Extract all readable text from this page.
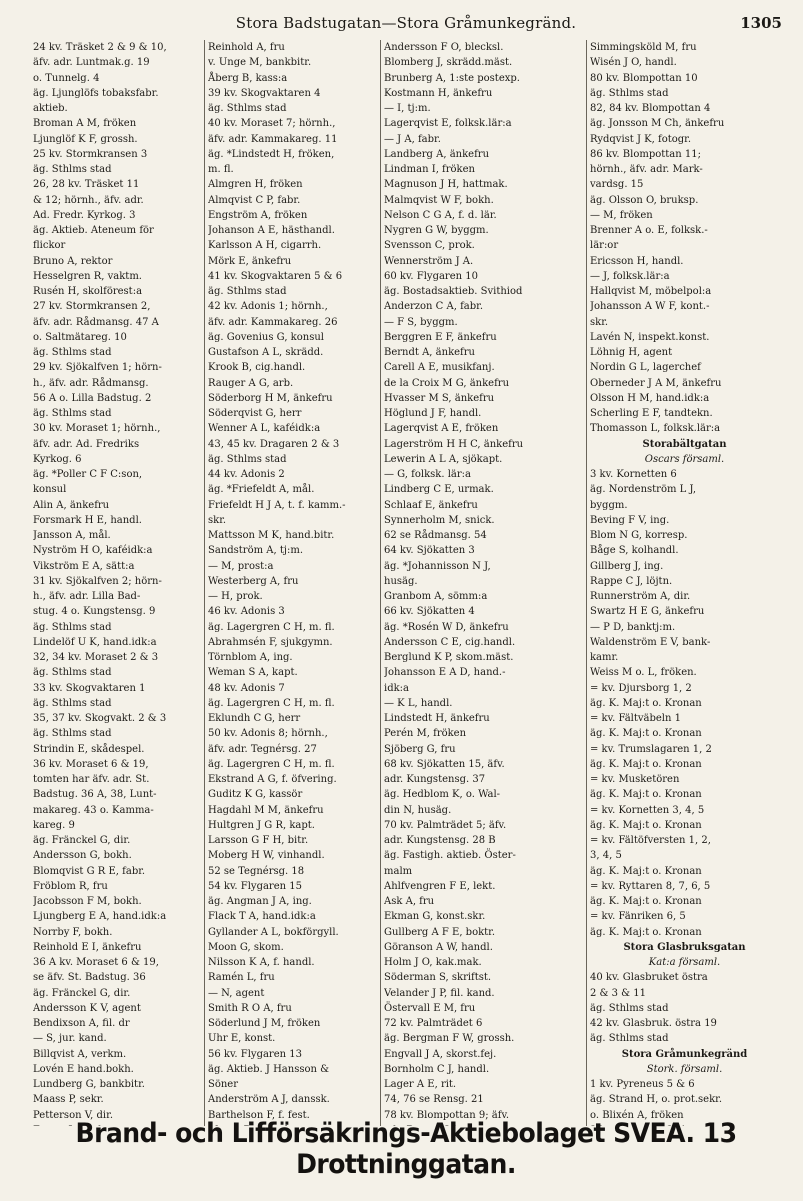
Stora Badstugatan—Stora Gråmunkegränd.	1305
24 kv. Träsket 2 & 9 & 10,
äfv. adr. Luntmak.g. 19
o. Tunnelg. 4
äg. Ljunglöfs tobaksfabr.
aktieb.
Broman A M, fröken
Ljunglöf K F, grossh.
25 kv. Stormkransen 3
äg. Sthlms stad
26, 28 kv. Träsket 11
& 12; hörnh., äfv. adr.
Ad. Fredr. Kyrkog. 3
äg. Aktieb. Ateneum för
flickor
Bruno A, rektor
Hesselgren R, vaktm.
Rusén H, skolförest:a
27 kv. Stormkransen 2,
äfv. adr. Rådmansg. 47 A
o. Saltmätareg. 10
äg. Sthlms stad
29 kv. Sjökalfven 1; hörn-
h., äfv. adr. Rådmansg.
56 A o. Lilla Badstug. 2
äg. Sthlms stad
30 kv. Moraset 1; hörnh.,
äfv. adr. Ad. Fredriks
Kyrkog. 6
äg. *Poller C F C:son,
konsul
Alin A, änkefru
Forsmark H E, handl.
Jansson A, mål.
Nyström H O, kaféidk:a
Vikström E A, sätt:a
31 kv. Sjökalfven 2; hörn-
h., äfv. adr. Lilla Bad-
stug. 4 o. Kungstensg. 9
äg. Sthlms stad
Lindelöf U K, hand.idk:a
32, 34 kv. Moraset 2 & 3
äg. Sthlms stad
33 kv. Skogvaktaren 1
äg. Sthlms stad
35, 37 kv. Skogvakt. 2 & 3
äg. Sthlms stad
Strindin E, skådespel.
36 kv. Moraset 6 & 19,
tomten har äfv. adr. St.
Badstug. 36 A, 38, Lunt-
makareg. 43 o. Kamma-
kareg. 9
äg. Fränckel G, dir.
Andersson G, bokh.
Blomqvist G R E, fabr.
Fröblom R, fru
Jacobsson F M, bokh.
Ljungberg E A, hand.idk:a
Norrby F, bokh.
Reinhold E I, änkefru
36 A kv. Moraset 6 & 19,
se äfv. St. Badstug. 36
äg. Fränckel G, dir.
Andersson K V, agent
Bendixson A, fil. dr
— S, jur. kand.
Billqvist A, verkm.
Lovén E hand.bokh.
Lundberg G, bankbitr.
Maass P, sekr.
Petterson V, dir.
Reinhold A, fru
v. Unge M, bankbitr.
Åberg B, kass:a
39 kv. Skogvaktaren 4
äg. Sthlms stad
40 kv. Moraset 7; hörnh.,
äfv. adr. Kammakareg. 11
äg. *Lindstedt H, fröken,
m. fl.
Almgren H, fröken
Almqvist C P, fabr.
Engström A, fröken
Johanson A E, hästhandl.
Karlsson A H, cigarrh.
Mörk E, änkefru
41 kv. Skogvaktaren 5 & 6
äg. Sthlms stad
42 kv. Adonis 1; hörnh.,
äfv. adr. Kammakareg. 26
äg. Govenius G, konsul
Gustafson A L, skrädd.
Krook B, cig.handl.
Rauger A G, arb.
Söderborg H M, änkefru
Söderqvist G, herr
Wenner A L, kaféidk:a
43, 45 kv. Dragaren 2 & 3
äg. Sthlms stad
44 kv. Adonis 2
äg. *Friefeldt A, mål.
Friefeldt H J A, t. f. kamm.-
skr.
Mattsson M K, hand.bitr.
Sandström A, tj:m.
— M, prost:a
Westerberg A, fru
— H, prok.
46 kv. Adonis 3
äg. Lagergren C H, m. fl.
Abrahmsén F, sjukgymn.
Törnblom A, ing.
Weman S A, kapt.
48 kv. Adonis 7
äg. Lagergren C H, m. fl.
Eklundh C G, herr
50 kv. Adonis 8; hörnh.,
äfv. adr. Tegnérsg. 27
äg. Lagergren C H, m. fl.
Ekstrand A G, f. öfvering.
Guditz K G, kassör
Hagdahl M M, änkefru
Hultgren J G R, kapt.
Larsson G F H, bitr.
Moberg H W, vinhandl.
52 se Tegnérsg. 18
54 kv. Flygaren 15
äg. Angman J A, ing.
Flack T A, hand.idk:a
Gyllander A L, bokförgyll.
Moon G, skom.
Nilsson K A, f. handl.
Ramén L, fru
— N, agent
Smith R O A, fru
Söderlund J M, fröken
Uhr E, konst.
56 kv. Flygaren 13
äg. Aktieb. J Hansson &
Söner
Anderström A J, danssk.
Barthelson F, f. fest.
Andersson F O, blecksl.
Blomberg J, skrädd.mäst.
Brunberg A, 1:ste postexp.
Kostmann H, änkefru
— I, tj:m.
Lagerqvist E, folksk.lär:a
— J A, fabr.
Landberg A, änkefru
Lindman I, fröken
Magnuson J H, hattmak.
Malmqvist W F, bokh.
Nelson C G A, f. d. lär.
Nygren G W, byggm.
Svensson C, prok.
Wennerström J A.
60 kv. Flygaren 10
äg. Bostadsaktieb. Svithiod
Anderzon C A, fabr.
— F S, byggm.
Berggren E F, änkefru
Berndt A, änkefru
Carell A E, musikfanj.
de la Croix M G, änkefru
Hvasser M S, änkefru
Höglund J F, handl.
Lagerqvist A E, fröken
Lagerström H H C, änkefru
Lewerin A L A, sjökapt.
— G, folksk. lär:a
Lindberg C E, urmak.
Schlaaf E, änkefru
Synnerholm M, snick.
62 se Rådmansg. 54
64 kv. Sjökatten 3
äg. *Johannisson N J,
husäg.
Granbom A, sömm:a
66 kv. Sjökatten 4
äg. *Rosén W D, änkefru
Andersson C E, cig.handl.
Berglund K P, skom.mäst.
Johansson E A D, hand.-
idk:a
— K L, handl.
Lindstedt H, änkefru
Perén M, fröken
Sjöberg G, fru
68 kv. Sjökatten 15, äfv.
adr. Kungstensg. 37
äg. Hedblom K, o. Wal-
din N, husäg.
70 kv. Palmträdet 5; äfv.
adr. Kungstensg. 28 B
äg. Fastigh. aktieb. Öster-
malm
Ahlfvengren F E, lekt.
Ask A, fru
Ekman G, konst.skr.
Gullberg A F E, boktr.
Göranson A W, handl.
Holm J O, kak.mak.
Söderman S, skriftst.
Velander J P, fil. kand.
Östervall E M, fru
72 kv. Palmträdet 6
äg. Bergman F W, grossh.
Engvall J A, skorst.fej.
Bornholm C J, handl.
Lager A E, rit.
74, 76 se Rensg. 21
78 kv. Blompottan 9; äfv.
Simmingsköld M, fru
Wisén J O, handl.
80 kv. Blompottan 10
äg. Sthlms stad
82, 84 kv. Blompottan 4
äg. Jonsson M Ch, änkefru
Rydqvist J K, fotogr.
86 kv. Blompottan 11;
hörnh., äfv. adr. Mark-
vardsg. 15
äg. Olsson O, bruksp.
— M, fröken
Brenner A o. E, folksk.-
lär:or
Ericsson H, handl.
— J, folksk.lär:a
Hallqvist M, möbelpol:a
Johansson A W F, kont.-
skr.
Lavén N, inspekt.konst.
Löhnig H, agent
Nordin G L, lagerchef
Oberneder J A M, änkefru
Olsson H M, hand.idk:a
Scherling E F, tandtekn.
Thomasson L, folksk.lär:a
Storabältgatan
Oscars församl.
3 kv. Kornetten 6
äg. Nordenström L J,
byggm.
Beving F V, ing.
Blom N G, korresp.
Båge S, kolhandl.
Gillberg J, ing.
Rappe C J, löjtn.
Runnerström A, dir.
Swartz H E G, änkefru
— P D, banktj:m.
Waldenström E V, bank-
kamr.
Weiss M o. L, fröken.
= kv. Djursborg 1, 2
äg. K. Maj:t o. Kronan
= kv. Fältväbeln 1
äg. K. Maj:t o. Kronan
= kv. Trumslagaren 1, 2
äg. K. Maj:t o. Kronan
= kv. Musketören
äg. K. Maj:t o. Kronan
= kv. Kornetten 3, 4, 5
äg. K. Maj:t o. Kronan
= kv. Fältöfversten 1, 2,
3, 4, 5
äg. K. Maj:t o. Kronan
= kv. Ryttaren 8, 7, 6, 5
äg. K. Maj:t o. Kronan
= kv. Fänriken 6, 5
äg. K. Maj:t o. Kronan
Stora Glasbruksgatan
Kat:a församl.
40 kv. Glasbruket östra
2 & 3 & 11
äg. Sthlms stad
42 kv. Glasbruk. östra 19
äg. Sthlms stad
Stora Gråmunkegränd
Stork. församl.
1 kv. Pyreneus 5 & 6
äg. Strand H, o. prot.sekr.
o. Blixén A, fröken
Brand- och Lifförsäkrings-Aktiebolaget SVEA. 13 Drottninggatan.
